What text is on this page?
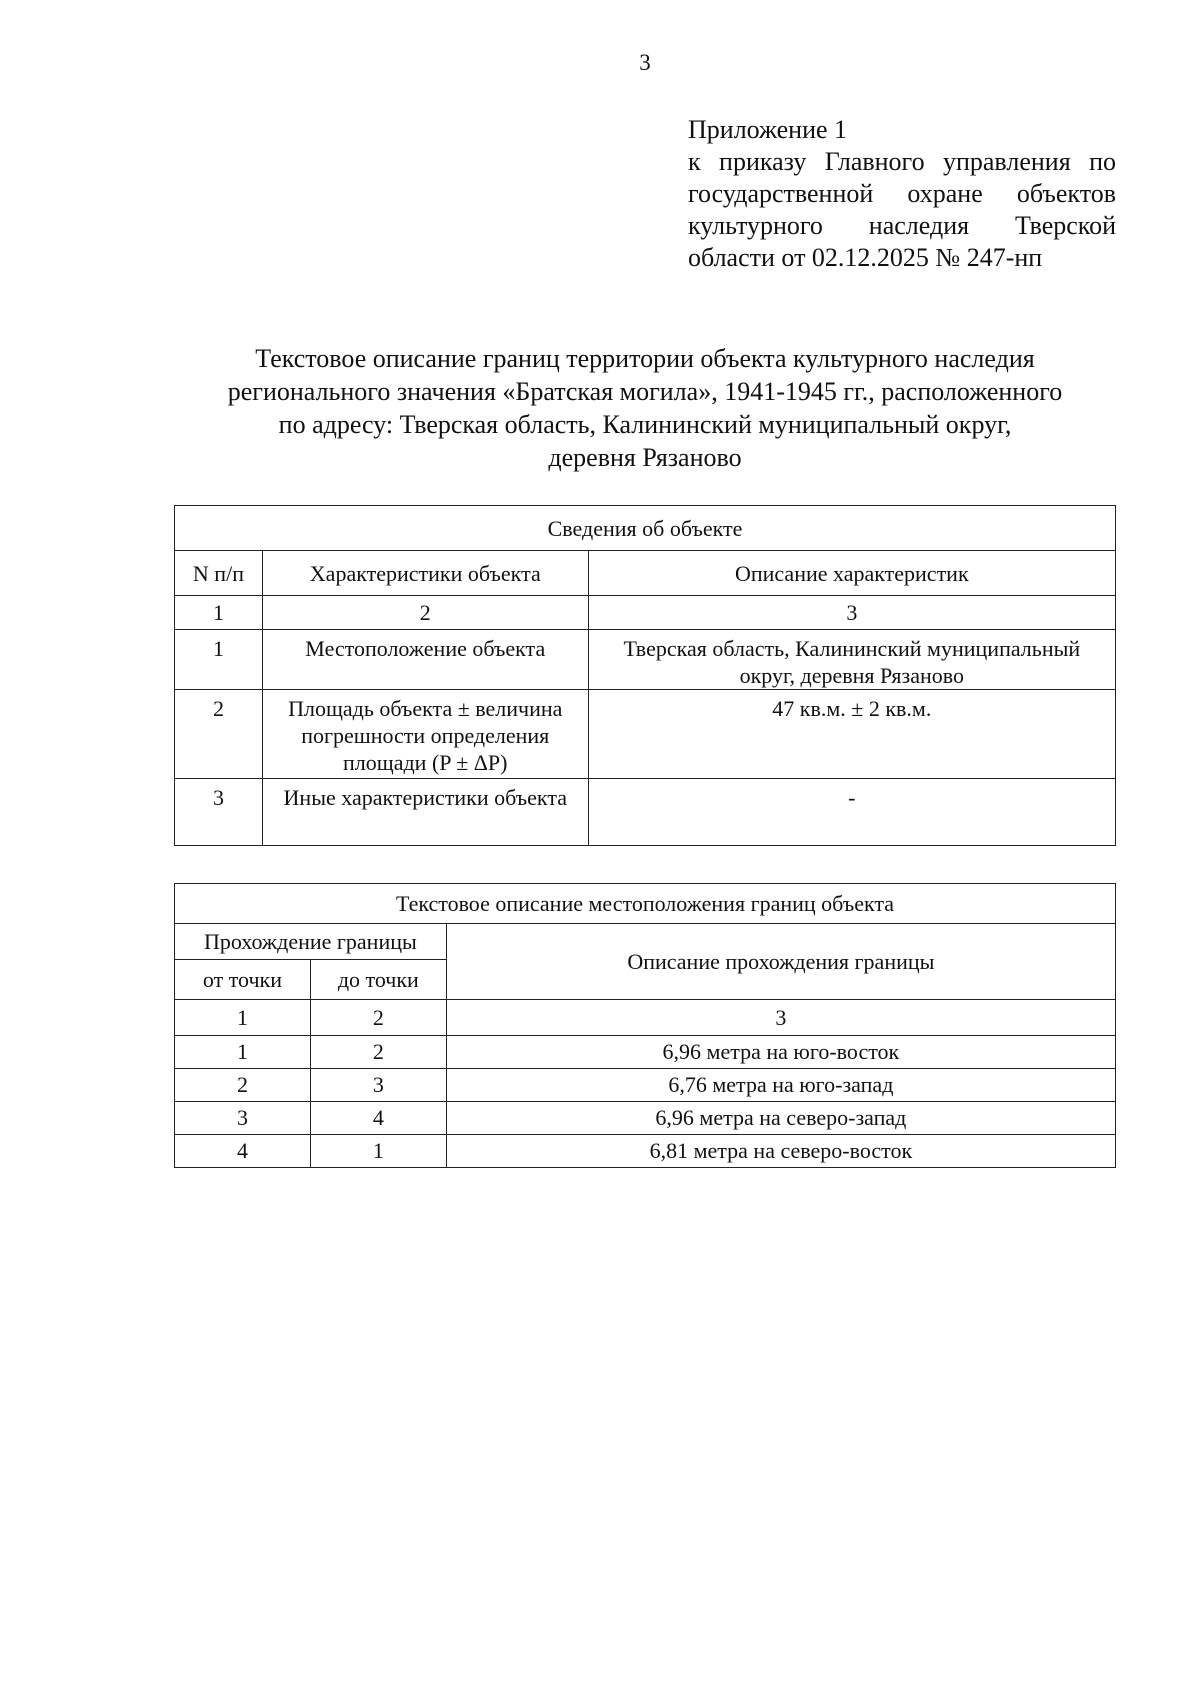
3
Приложение 1
к приказу Главного управления по государственной охране объектов культурного наследия Тверской области от 02.12.2025 № 247-нп
Текстовое описание границ территории объекта культурного наследия
регионального значения «Братская могила», 1941-1945 гг., расположенного
по адресу: Тверская область, Калининский муниципальный округ,
деревня Рязаново
Сведения об объекте		
N п/п	Характеристики объекта	Описание характеристик
1	2	3
1	Местоположение объекта	Тверская область, Калининский муниципальный округ, деревня Рязаново
2	Площадь объекта ± величина погрешности определения площади (P ± ΔP)	47 кв.м. ± 2 кв.м.
3	Иные характеристики объекта	-
Текстовое описание местоположения границ объекта		
Прохождение границы		Описание прохождения границы
от точки	до точки	
1	2	3
1	2	6,96 метра на юго-восток
2	3	6,76 метра на юго-запад
3	4	6,96 метра на северо-запад
4	1	6,81 метра на северо-восток
